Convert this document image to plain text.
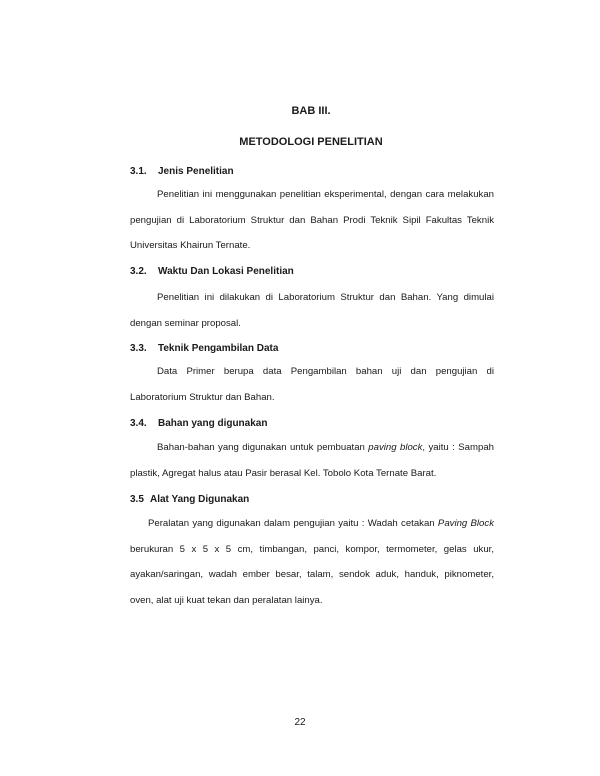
BAB III.
METODOLOGI PENELITIAN
3.1. Jenis Penelitian

Penelitian ini menggunakan penelitian eksperimental, dengan cara melakukan pengujian di Laboratorium Struktur dan Bahan Prodi Teknik Sipil Fakultas Teknik Universitas Khairun Ternate.

3.2. Waktu Dan Lokasi Penelitian

Penelitian ini dilakukan di Laboratorium Struktur dan Bahan. Yang dimulai dengan seminar proposal.

3.3. Teknik Pengambilan Data

Data Primer berupa data Pengambilan bahan uji dan pengujian di Laboratorium Struktur dan Bahan.

3.4. Bahan yang digunakan

Bahan-bahan yang digunakan untuk pembuatan paving block, yaitu : Sampah plastik, Agregat halus atau Pasir berasal Kel. Tobolo Kota Ternate Barat.

3.5 Alat Yang Digunakan

Peralatan yang digunakan dalam pengujian yaitu : Wadah cetakan Paving Block berukuran 5 x 5 x 5 cm, timbangan, panci, kompor, termometer, gelas ukur, ayakan/saringan, wadah ember besar, talam, sendok aduk, handuk, piknometer, oven, alat uji kuat tekan dan peralatan lainya.

22
